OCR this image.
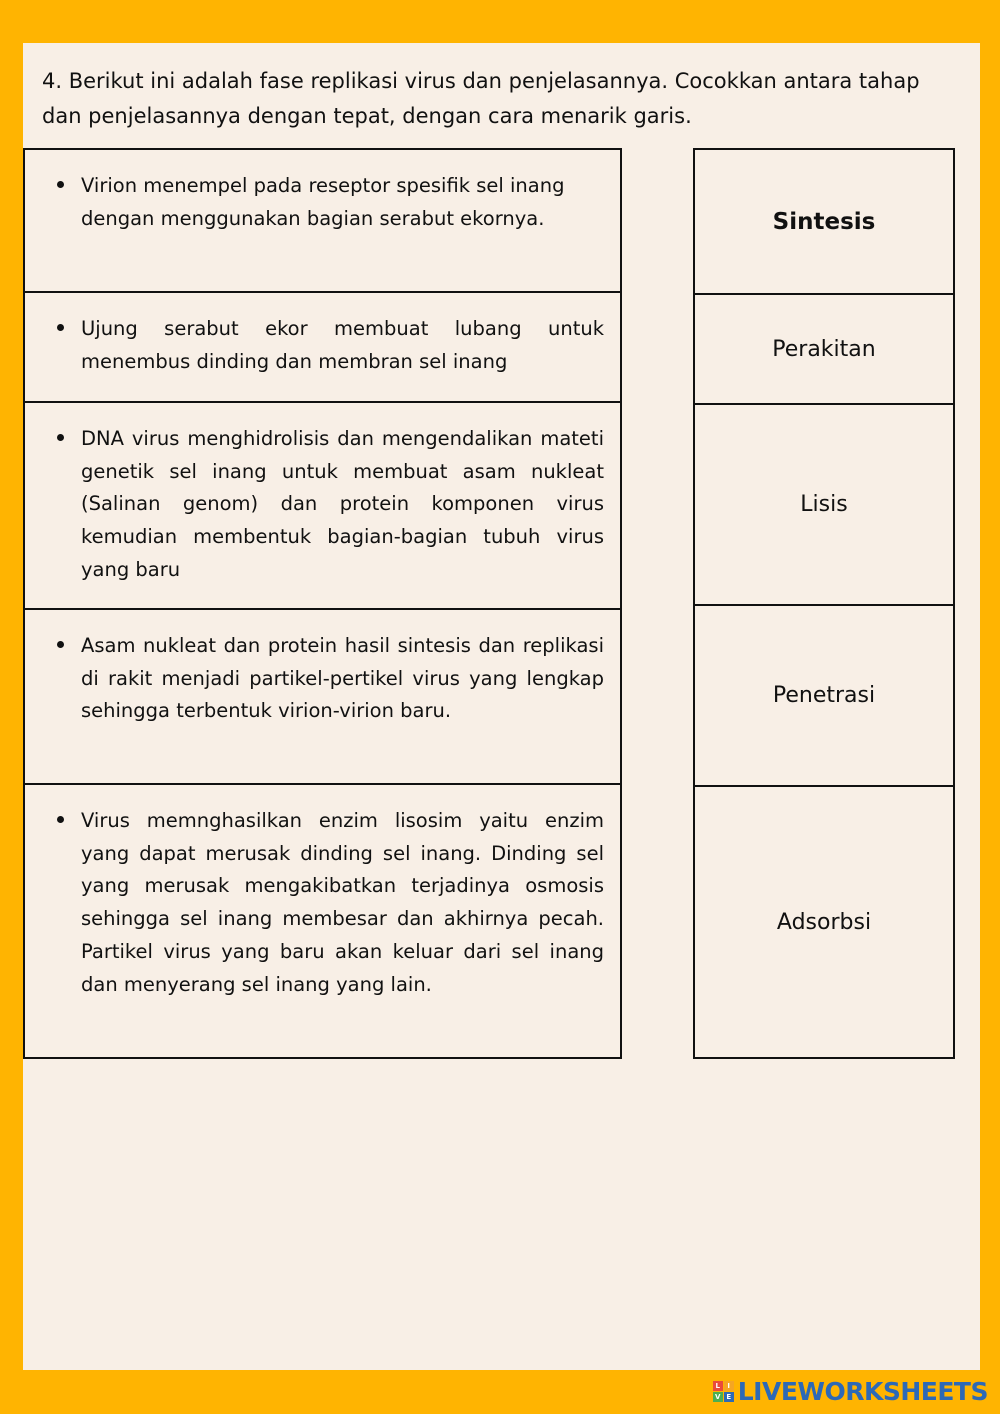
4. Berikut ini adalah fase replikasi virus dan penjelasannya. Cocokkan antara tahap dan penjelasannya dengan tepat, dengan cara menarik garis.

Virion menempel pada reseptor spesifik sel inang dengan menggunakan bagian serabut ekornya.
Ujung serabut ekor membuat lubang untuk menembus dinding dan membran sel inang
DNA virus menghidrolisis dan mengendalikan mateti genetik sel inang untuk membuat asam nukleat (Salinan genom) dan protein komponen virus kemudian membentuk bagian-bagian tubuh virus yang baru
Asam nukleat dan protein hasil sintesis dan replikasi di rakit menjadi partikel-pertikel virus yang lengkap sehingga terbentuk virion-virion baru.
Virus memnghasilkan enzim lisosim yaitu enzim yang dapat merusak dinding sel inang. Dinding sel yang merusak mengakibatkan terjadinya osmosis sehingga sel inang membesar dan akhirnya pecah. Partikel virus yang baru akan keluar dari sel inang dan menyerang sel inang yang lain.
Sintesis
Perakitan
Lisis
Penetrasi
Adsorbsi
L	I
V E LIVEWORKSHEETS
